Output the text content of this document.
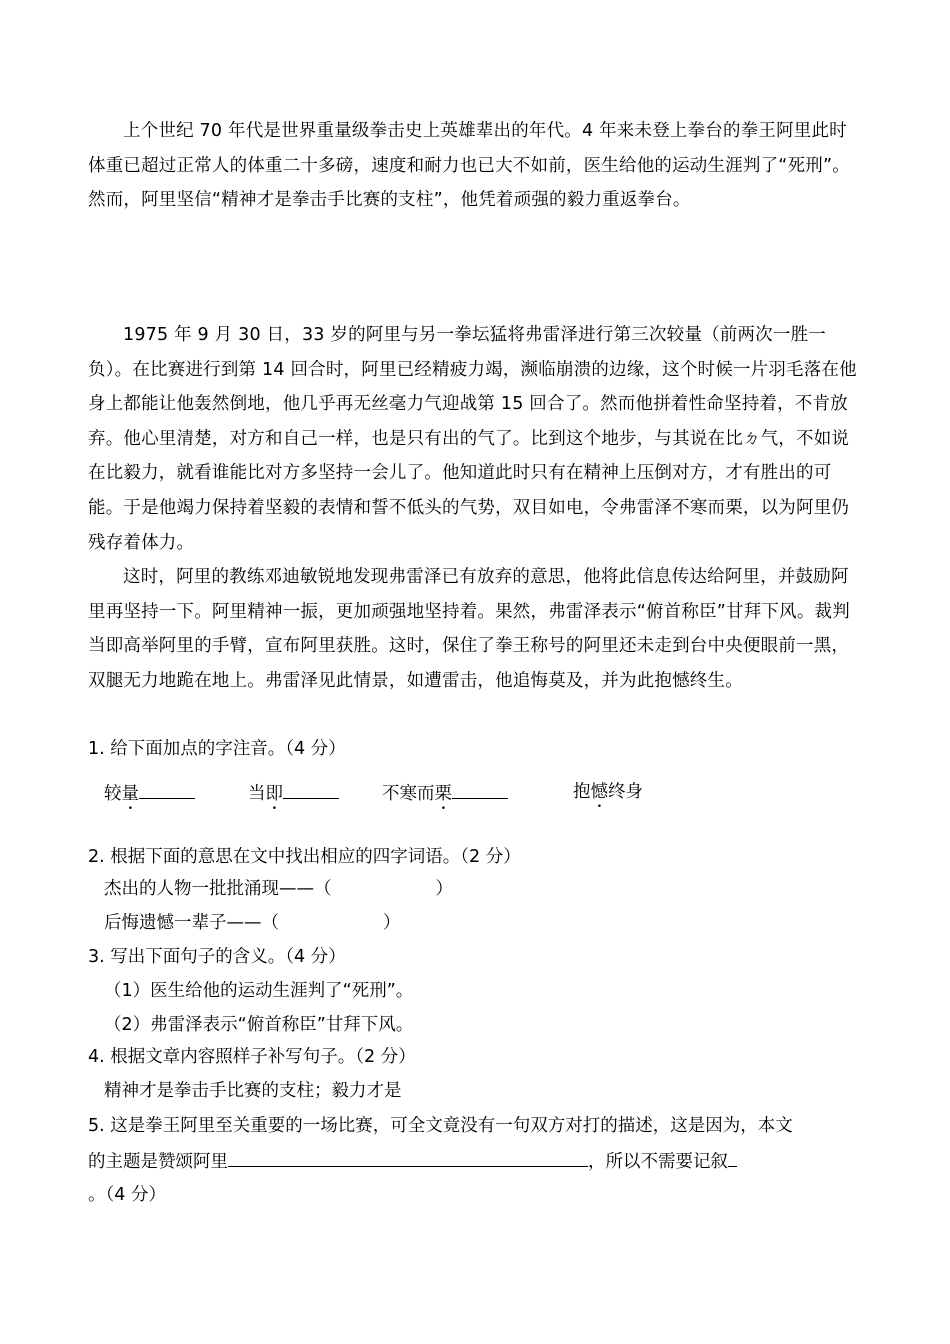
上个世纪 70 年代是世界重量级拳击史上英雄辈出的年代。4 年来未登上拳台的拳王阿里此时体重已超过正常人的体重二十多磅，速度和耐力也已大不如前，医生给他的运动生涯判了“死刑”。然而，阿里坚信“精神才是拳击手比赛的支柱”，他凭着顽强的毅力重返拳台。

1975 年 9 月 30 日，33 岁的阿里与另一拳坛猛将弗雷泽进行第三次较量（前两次一胜一负）。在比赛进行到第 14 回合时，阿里已经精疲力竭，濒临崩溃的边缘，这个时候一片羽毛落在他身上都能让他轰然倒地，他几乎再无丝毫力气迎战第 15 回合了。然而他拼着性命坚持着，不肯放弃。他心里清楚，对方和自己一样，也是只有出的气了。比到这个地步，与其说在比ㄉ气，不如说在比毅力，就看谁能比对方多坚持一会儿了。他知道此时只有在精神上压倒对方，才有胜出的可能。于是他竭力保持着坚毅的表情和誓不低头的气势，双目如电，令弗雷泽不寒而栗，以为阿里仍残存着体力。

这时，阿里的教练邓迪敏锐地发现弗雷泽已有放弃的意思，他将此信息传达给阿里，并鼓励阿里再坚持一下。阿里精神一振，更加顽强地坚持着。果然，弗雷泽表示“俯首称臣”甘拜下风。裁判当即高举阿里的手臂，宣布阿里获胜。这时，保住了拳王称号的阿里还未走到台中央便眼前一黑，双腿无力地跪在地上。弗雷泽见此情景，如遭雷击，他追悔莫及，并为此抱憾终生。

1. 给下面加点的字注音。（4 分）

较量	当即	不寒而栗	抱憾终身

2. 根据下面的意思在文中找出相应的四字词语。（2 分）

杰出的人物一批批涌现——（	）

后悔遗憾一辈子——（	）

3. 写出下面句子的含义。（4 分）

（1）医生给他的运动生涯判了“死刑”。

（2）弗雷泽表示“俯首称臣”甘拜下风。

4. 根据文章内容照样子补写句子。（2 分）

精神才是拳击手比赛的支柱；毅力才是

5. 这是拳王阿里至关重要的一场比赛，可全文竟没有一句双方对打的描述，这是因为，本文

的主题是赞颂阿里	，所以不需要记叙

。（4 分）
